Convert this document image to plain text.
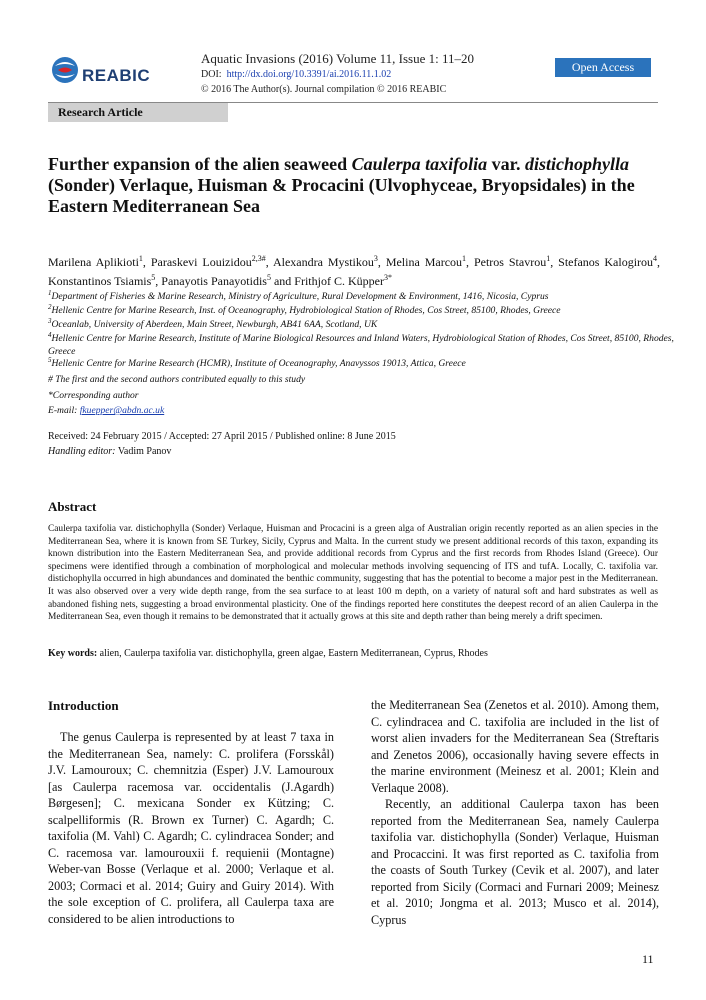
REABIC
Aquatic Invasions (2016) Volume 11, Issue 1: 11–20
DOI: http://dx.doi.org/10.3391/ai.2016.11.1.02
© 2016 The Author(s). Journal compilation © 2016 REABIC
Open Access
Research Article
Further expansion of the alien seaweed Caulerpa taxifolia var. distichophylla (Sonder) Verlaque, Huisman & Procacini (Ulvophyceae, Bryopsidales) in the Eastern Mediterranean Sea
Marilena Aplikioti$^1$, Paraskevi Louizidou$^{2,3\#}$, Alexandra Mystikou$^3$, Melina Marcou$^1$, Petros Stavrou$^1$, Stefanos Kalogirou$^4$, Konstantinos Tsiamis$^5$, Panayotis Panayotidis$^5$ and Frithjof C. Küpper$^{3*}$
$^1$Department of Fisheries & Marine Research, Ministry of Agriculture, Rural Development & Environment, 1416, Nicosia, Cyprus
$^2$Hellenic Centre for Marine Research, Inst. of Oceanography, Hydrobiological Station of Rhodes, Cos Street, 85100, Rhodes, Greece
$^3$Oceanlab, University of Aberdeen, Main Street, Newburgh, AB41 6AA, Scotland, UK
$^4$Hellenic Centre for Marine Research, Institute of Marine Biological Resources and Inland Waters, Hydrobiological Station of Rhodes, Cos Street, 85100, Rhodes, Greece
$^5$Hellenic Centre for Marine Research (HCMR), Institute of Oceanography, Anavyssos 19013, Attica, Greece
# The first and the second authors contributed equally to this study
*Corresponding author
E-mail: fkuepper@abdn.ac.uk
Received: 24 February 2015 / Accepted: 27 April 2015 / Published online: 8 June 2015
Handling editor: Vadim Panov
Abstract
Caulerpa taxifolia var. distichophylla (Sonder) Verlaque, Huisman and Procacini is a green alga of Australian origin recently reported as an alien species in the Mediterranean Sea, where it is known from SE Turkey, Sicily, Cyprus and Malta. In the current study we present additional records of this taxon, expanding its known distribution into the Eastern Mediterranean Sea, and provide additional records from Cyprus and the first records from Rhodes Island (Greece). Our specimens were identified through a combination of morphological and molecular methods involving sequencing of ITS and tufA. Locally, C. taxifolia var. distichophylla occurred in high abundances and dominated the benthic community, suggesting that has the potential to become a major pest in the Mediterranean. It was also observed over a very wide depth range, from the sea surface to at least 100 m depth, on a variety of natural soft and hard substrates as well as abandoned fishing nets, suggesting a broad environmental plasticity. One of the findings reported here constitutes the deepest record of an alien Caulerpa in the Mediterranean Sea, even though it remains to be demonstrated that it actually grows at this site and depth rather than being merely a drift specimen.
Key words: alien, Caulerpa taxifolia var. distichophylla, green algae, Eastern Mediterranean, Cyprus, Rhodes
Introduction
The genus Caulerpa is represented by at least 7 taxa in the Mediterranean Sea, namely: C. prolifera (Forsskål) J.V. Lamouroux; C. chemnitzia (Esper) J.V. Lamouroux [as Caulerpa racemosa var. occidentalis (J.Agardh) Børgesen]; C. mexicana Sonder ex Kützing; C. scalpelliformis (R. Brown ex Turner) C. Agardh; C. taxifolia (M. Vahl) C. Agardh; C. cylindracea Sonder; and C. racemosa var. lamourouxii f. requienii (Montagne) Weber-van Bosse (Verlaque et al. 2000; Verlaque et al. 2003; Cormaci et al. 2014; Guiry and Guiry 2014). With the sole exception of C. prolifera, all Caulerpa taxa are considered to be alien introductions to

the Mediterranean Sea (Zenetos et al. 2010). Among them, C. cylindracea and C. taxifolia are included in the list of worst alien invaders for the Mediterranean Sea (Streftaris and Zenetos 2006), occasionally having severe effects in the marine environment (Meinesz et al. 2001; Klein and Verlaque 2008).

Recently, an additional Caulerpa taxon has been reported from the Mediterranean Sea, namely Caulerpa taxifolia var. distichophylla (Sonder) Verlaque, Huisman and Procaccini. It was first reported as C. taxifolia from the coasts of South Turkey (Cevik et al. 2007), and later reported from Sicily (Cormaci and Furnari 2009; Meinesz et al. 2010; Jongma et al. 2013; Musco et al. 2014), Cyprus

11
